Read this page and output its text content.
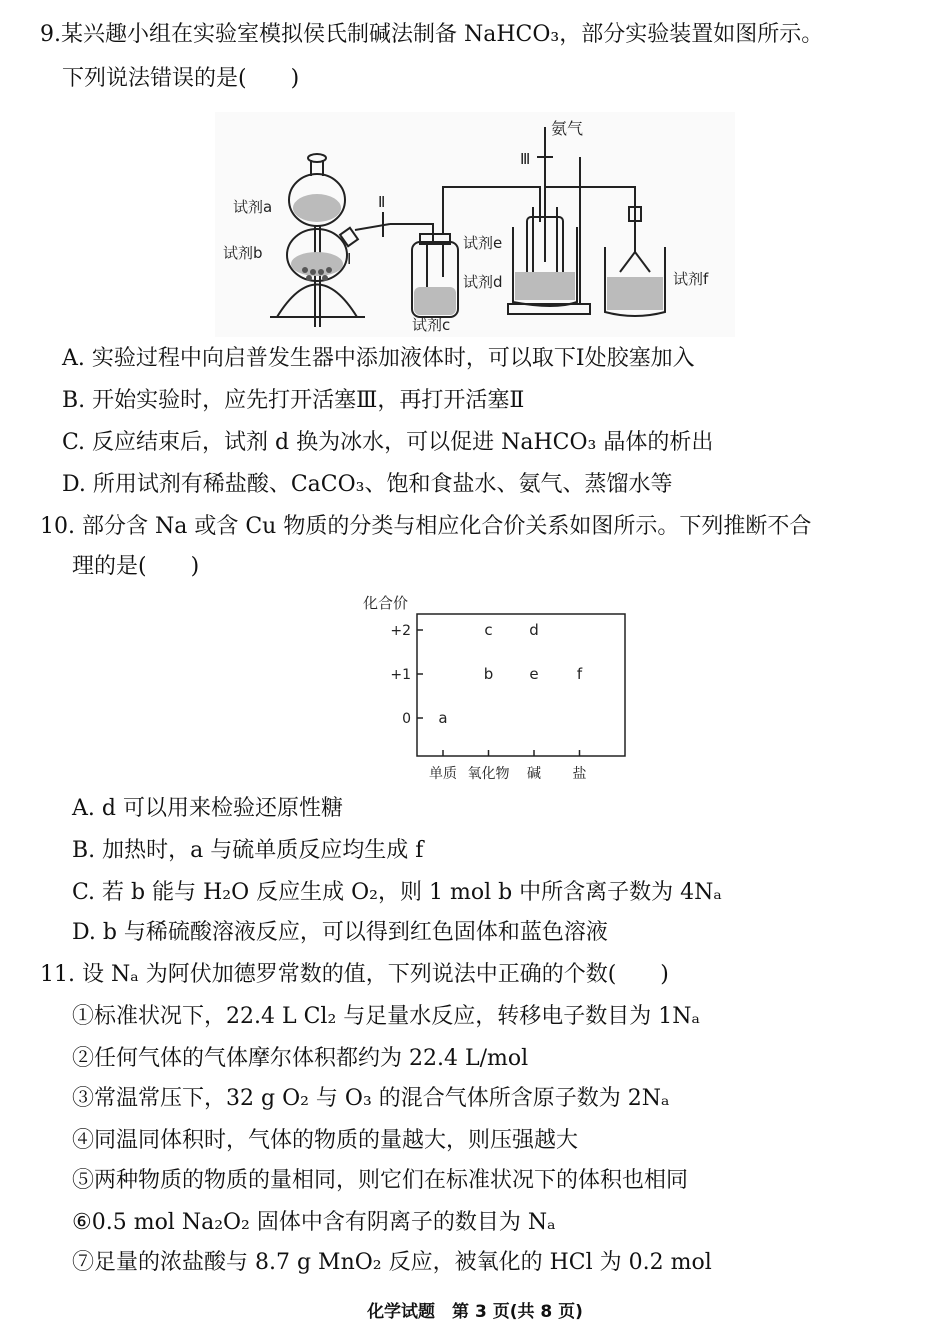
9.某兴趣小组在实验室模拟侯氏制碱法制备 NaHCO₃，部分实验装置如图所示。
下列说法错误的是(　　)
氨气
Ⅲ
Ⅱ
Ⅰ
试剂a
试剂b
试剂c
试剂d
试剂e
试剂f
A. 实验过程中向启普发生器中添加液体时，可以取下Ⅰ处胶塞加入
B. 开始实验时，应先打开活塞Ⅲ，再打开活塞Ⅱ
C. 反应结束后，试剂 d 换为冰水，可以促进 NaHCO₃ 晶体的析出
D. 所用试剂有稀盐酸、CaCO₃、饱和食盐水、氨气、蒸馏水等
10. 部分含 Na 或含 Cu 物质的分类与相应化合价关系如图所示。下列推断不合
理的是(　　)
化合价
+2
+1
0
单质 氧化物 碱 盐
a
b
c d
e	f
A. d 可以用来检验还原性糖
B. 加热时，a 与硫单质反应均生成 f
C. 若 b 能与 H₂O 反应生成 O₂，则 1 mol b 中所含离子数为 4Nₐ
D. b 与稀硫酸溶液反应，可以得到红色固体和蓝色溶液
11. 设 Nₐ 为阿伏加德罗常数的值，下列说法中正确的个数(　　)
①标准状况下，22.4 L Cl₂ 与足量水反应，转移电子数目为 1Nₐ
②任何气体的气体摩尔体积都约为 22.4 L/mol
③常温常压下，32 g O₂ 与 O₃ 的混合气体所含原子数为 2Nₐ
④同温同体积时，气体的物质的量越大，则压强越大
⑤两种物质的物质的量相同，则它们在标准状况下的体积也相同
⑥0.5 mol Na₂O₂ 固体中含有阴离子的数目为 Nₐ
⑦足量的浓盐酸与 8.7 g MnO₂ 反应，被氧化的 HCl 为 0.2 mol
化学试题　第 3 页(共 8 页)
